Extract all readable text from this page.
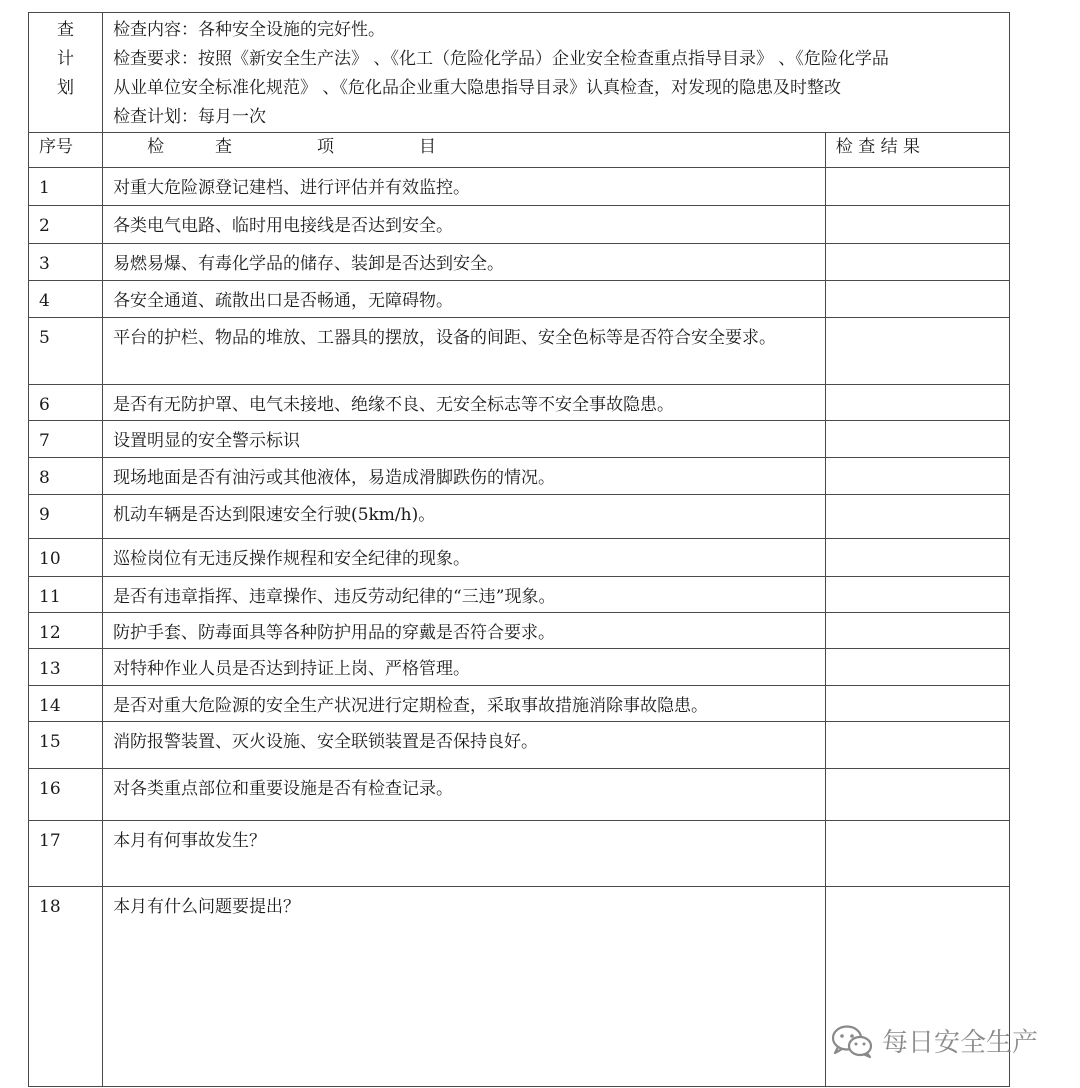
查
计
划	检查内容：各种安全设施的完好性。
检查要求：按照《新安全生产法》 、《化工（危险化学品）企业安全检查重点指导目录》 、《危险化学品
从业单位安全标准化规范》 、《危化品企业重大隐患指导目录》认真检查，对发现的隐患及时整改
检查计划：每月一次	

序号	检　　　查　　　　　项　　　　　目	检 查 结 果
1	对重大危险源登记建档、进行评估并有效监控。	
2	各类电气电路、临时用电接线是否达到安全。	
3	易燃易爆、有毒化学品的储存、装卸是否达到安全。	
4	各安全通道、疏散出口是否畅通，无障碍物。	
5	平台的护栏、物品的堆放、工器具的摆放，设备的间距、安全色标等是否符合安全要求。	
6	是否有无防护罩、电气未接地、绝缘不良、无安全标志等不安全事故隐患。	
7	设置明显的安全警示标识	
8	现场地面是否有油污或其他液体，易造成滑脚跌伤的情况。	
9	机动车辆是否达到限速安全行驶(5km/h)。	
10	巡检岗位有无违反操作规程和安全纪律的现象。	
11	是否有违章指挥、违章操作、违反劳动纪律的“三违”现象。	
12	防护手套、防毒面具等各种防护用品的穿戴是否符合要求。	
13	对特种作业人员是否达到持证上岗、严格管理。	
14	是否对重大危险源的安全生产状况进行定期检查，采取事故措施消除事故隐患。	
15	消防报警装置、灭火设施、安全联锁装置是否保持良好。	
16	对各类重点部位和重要设施是否有检查记录。	
17	本月有何事故发生？	
18	本月有什么问题要提出？	
每日安全生产
